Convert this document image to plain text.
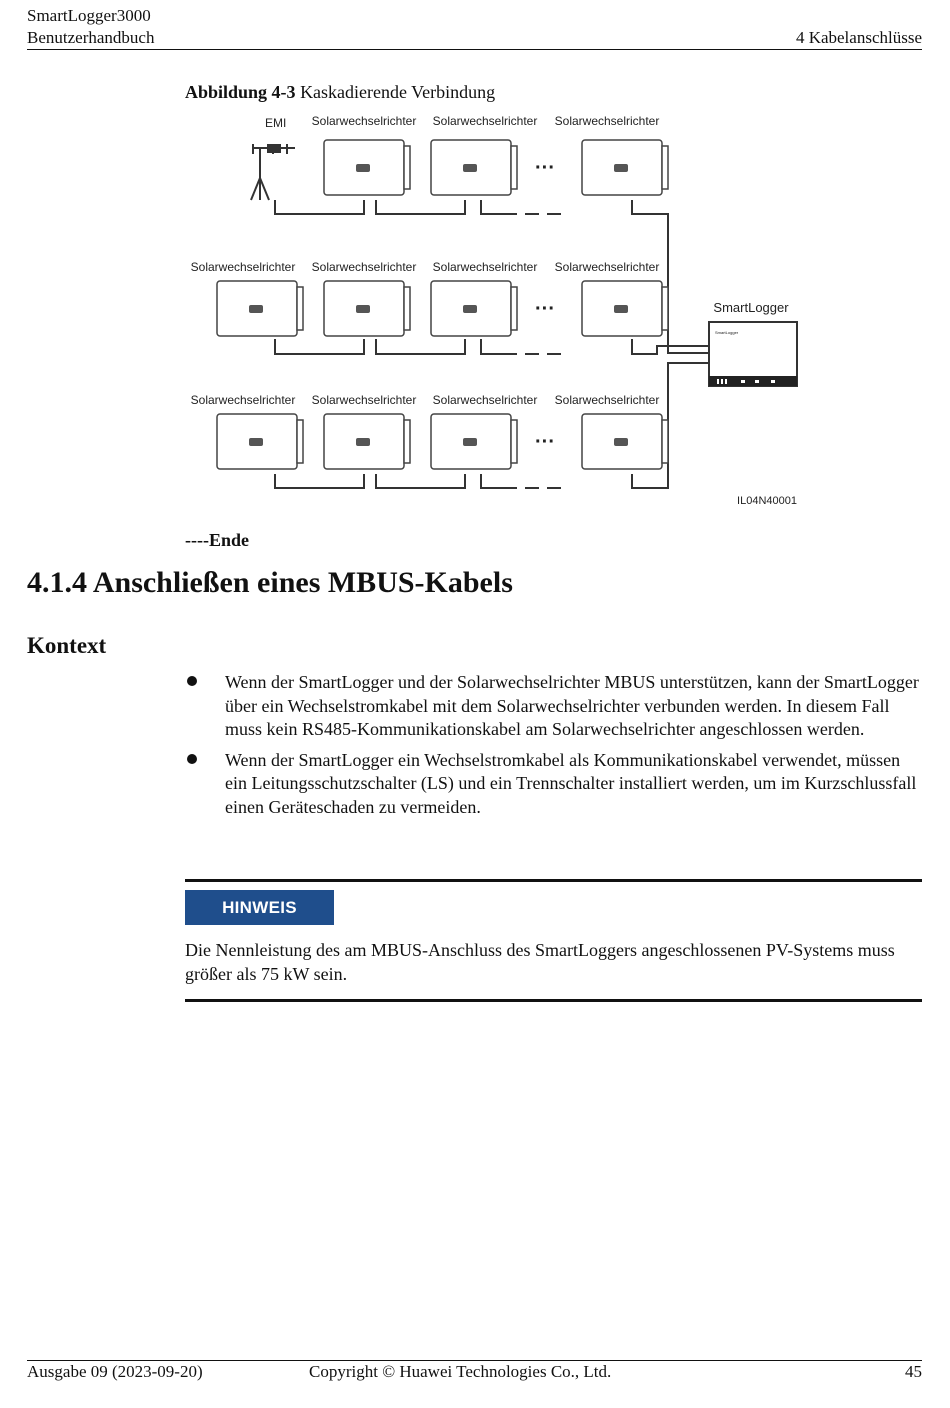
SmartLogger3000
Benutzerhandbuch	4 Kabelanschlüsse
Abbildung 4-3 Kaskadierende Verbindung
EMI Solarwechselrichter Solarwechselrichter Solarwechselrichter
Solarwechselrichter Solarwechselrichter Solarwechselrichter Solarwechselrichter
Solarwechselrichter Solarwechselrichter Solarwechselrichter Solarwechselrichter
SmartLogger
SmartLogger
IL04N40001
···
···
···
----Ende
4.1.4 Anschließen eines MBUS-Kabels
Kontext
Wenn der SmartLogger und der Solarwechselrichter MBUS unterstützen, kann der SmartLogger über ein Wechselstromkabel mit dem Solarwechselrichter verbunden werden. In diesem Fall muss kein RS485-Kommunikationskabel am Solarwechselrichter angeschlossen werden.
Wenn der SmartLogger ein Wechselstromkabel als Kommunikationskabel verwendet, müssen ein Leitungsschutzschalter (LS) und ein Trennschalter installiert werden, um im Kurzschlussfall einen Geräteschaden zu vermeiden.
HINWEIS
Die Nennleistung des am MBUS-Anschluss des SmartLoggers angeschlossenen PV-Systems muss größer als 75 kW sein.
Ausgabe 09 (2023-09-20)	Copyright © Huawei Technologies Co., Ltd.	45
